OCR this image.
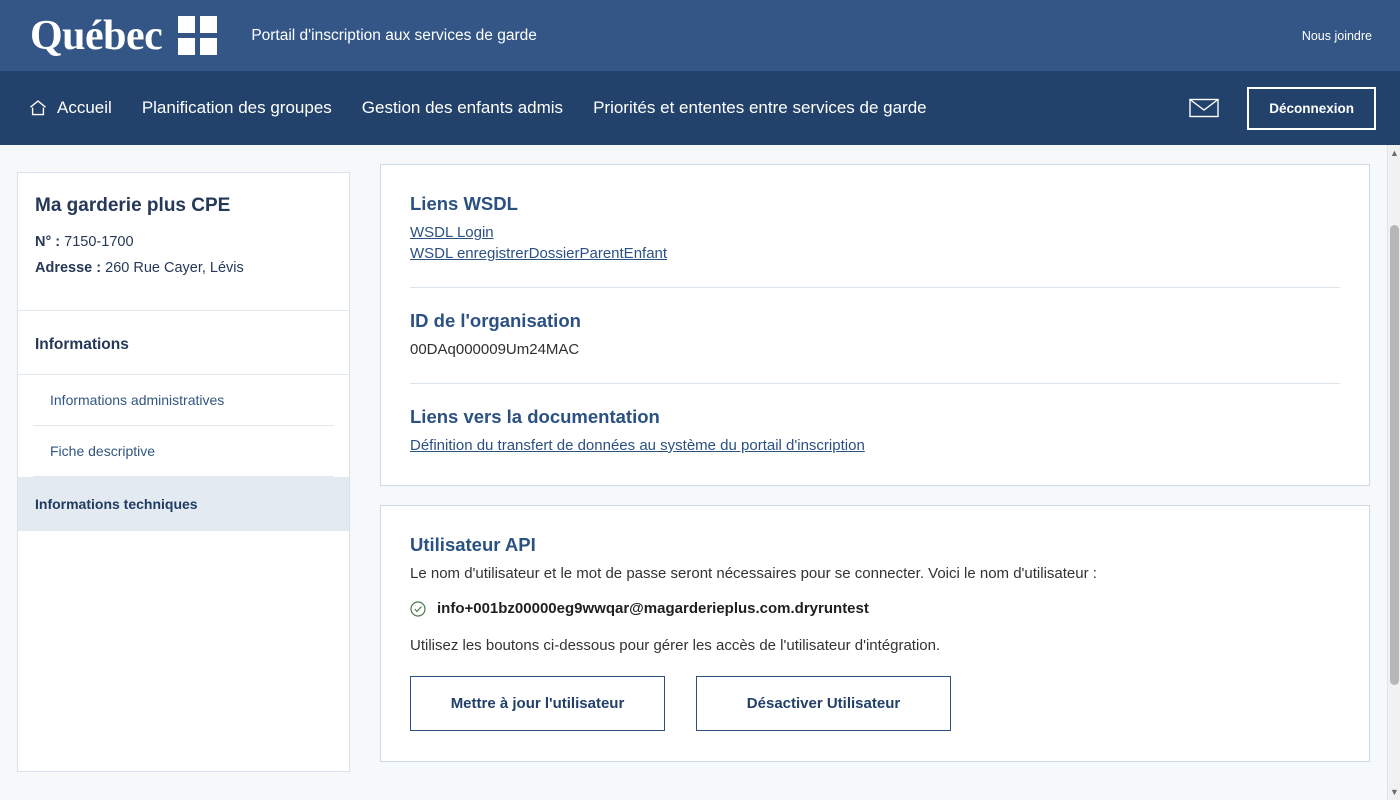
Québec	Portail d'inscription aux services de garde	Nous joindre
Accueil Planification des groupes Gestion des enfants admis Priorités et ententes entre services de garde	Déconnexion
Ma garderie plus CPE
N° : 7150-1700
Adresse : 260 Rue Cayer, Lévis
Informations
Informations administratives
Fiche descriptive
Informations techniques
Liens WSDL
WSDL Login
WSDL enregistrerDossierParentEnfant
ID de l'organisation
00DAq000009Um24MAC
Liens vers la documentation
Définition du transfert de données au système du portail d'inscription
Utilisateur API
Le nom d'utilisateur et le mot de passe seront nécessaires pour se connecter. Voici le nom d'utilisateur :
info+001bz00000eg9wwqar@magarderieplus.com.dryruntest
Utilisez les boutons ci-dessous pour gérer les accès de l'utilisateur d'intégration.
Mettre à jour l'utilisateur	Désactiver Utilisateur
▲
▼
